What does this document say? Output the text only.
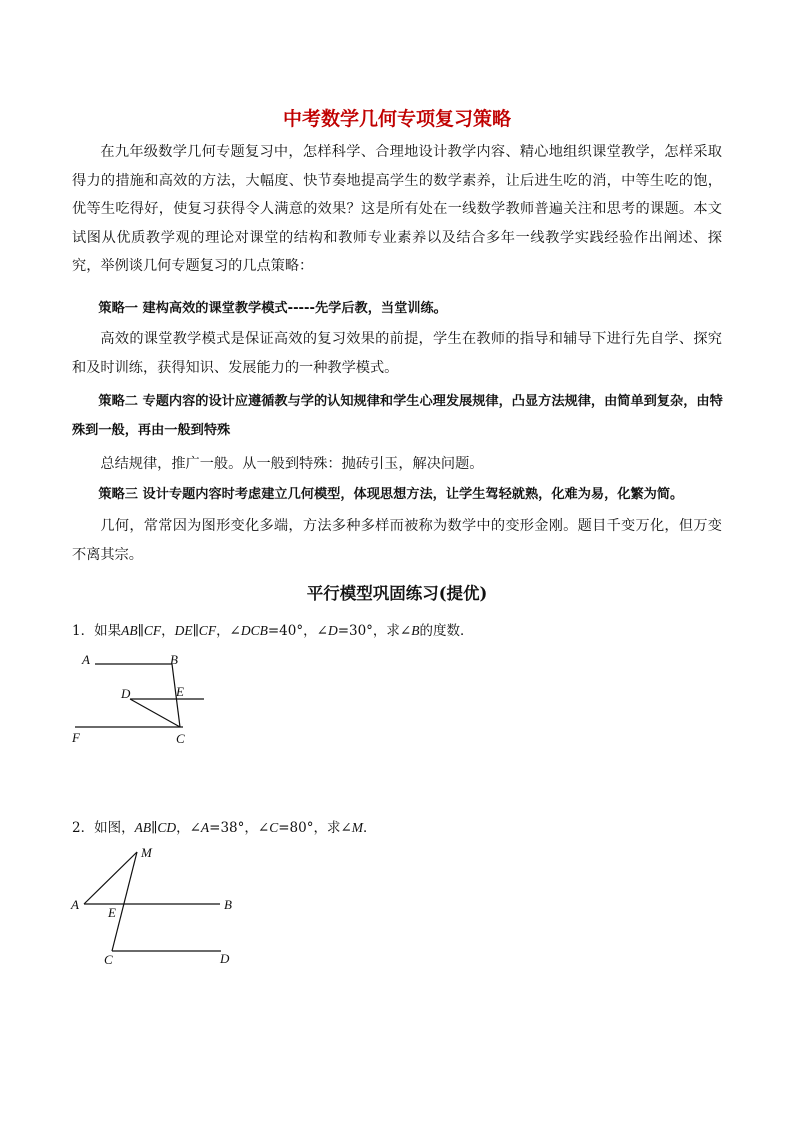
中考数学几何专项复习策略

在九年级数学几何专题复习中，怎样科学、合理地设计教学内容、精心地组织课堂教学，怎样采取得力的措施和高效的方法，大幅度、快节奏地提高学生的数学素养，让后进生吃的消，中等生吃的饱，优等生吃得好，使复习获得令人满意的效果？这是所有处在一线数学教师普遍关注和思考的课题。本文试图从优质教学观的理论对课堂的结构和教师专业素养以及结合多年一线教学实践经验作出阐述、探究，举例谈几何专题复习的几点策略：

策略一 建构高效的课堂教学模式-----先学后教，当堂训练。

高效的课堂教学模式是保证高效的复习效果的前提，学生在教师的指导和辅导下进行先自学、探究和及时训练，获得知识、发展能力的一种教学模式。

策略二 专题内容的设计应遵循教与学的认知规律和学生心理发展规律，凸显方法规律，由简单到复杂，由特殊到一般，再由一般到特殊

总结规律，推广一般。从一般到特殊：抛砖引玉，解决问题。

策略三 设计专题内容时考虑建立几何模型，体现思想方法，让学生驾轻就熟，化难为易，化繁为简。

几何，常常因为图形变化多端，方法多种多样而被称为数学中的变形金刚。题目千变万化，但万变不离其宗。

平行模型巩固练习(提优)

1．如果AB∥CF，DE∥CF，∠DCB=40°，∠D=30°，求∠B的度数．

A	B
D	E
F	C

2．如图，AB∥CD，∠A=38°，∠C=80°，求∠M．

M
A
E
B
C	D
